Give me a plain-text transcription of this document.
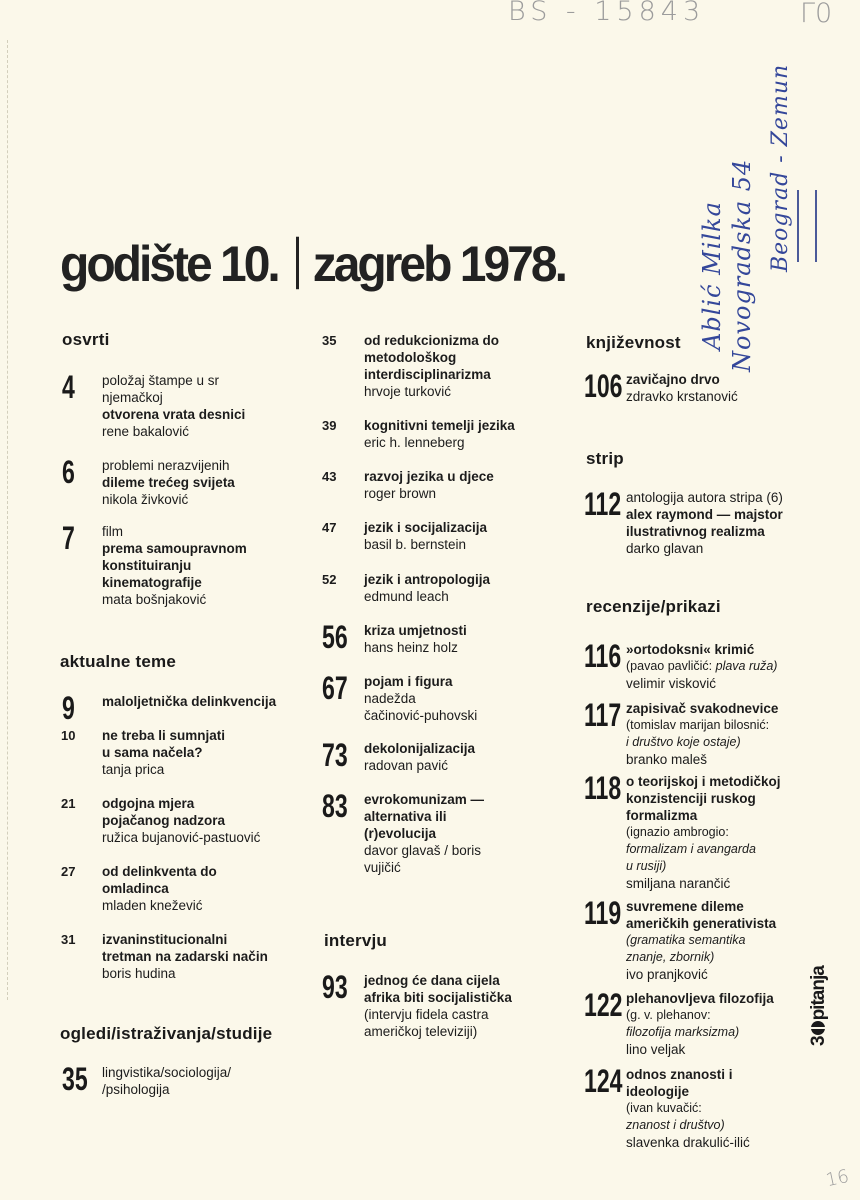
BS - 15843	Γ0
16
Ablić Milka Novogradska 54 Beograd - Zemun
godište 10. zagreb 1978.
osvrti
4 položaj štampe u sr
njemačkoj
otvorena vrata desnici
rene bakalović
6 problemi nerazvijenih
dileme trećeg svijeta
nikola živković
7 film
prema samoupravnom
konstituiranju
kinematografije
mata bošnjaković
aktualne teme
9 maloljetnička delinkvencija
10 ne treba li sumnjati
u sama načela?
tanja prica
21 odgojna mjera
pojačanog nadzora
ružica bujanović-pastuović
27 od delinkventa do
omladinca
mladen knežević
31 izvaninstitucionalni
tretman na zadarski način
boris hudina
ogledi/istraživanja/studije
35 lingvistika/sociologija/
/psihologija
35 od redukcionizma do
metodološkog
interdisciplinarizma
hrvoje turković
39 kognitivni temelji jezika
eric h. lenneberg
43 razvoj jezika u djece
roger brown
47 jezik i socijalizacija
basil b. bernstein
52 jezik i antropologija
edmund leach
56 kriza umjetnosti
hans heinz holz
67 pojam i figura
nadežda
čačinović-puhovski
73 dekolonijalizacija
radovan pavić
83 evrokomunizam —
alternativa ili
(r)evolucija
davor glavaš / boris
vujičić
intervju
93 jednog će dana cijela
afrika biti socijalistička
(intervju fidela castra
američkoj televiziji)
književnost
106 zavičajno drvo
zdravko krstanović
strip
112 antologija autora stripa (6)
alex raymond — majstor
ilustrativnog realizma
darko glavan
recenzije/prikazi
116 »ortodoksni« krimić
(pavao pavličić: plava ruža)
velimir visković
117 zapisivač svakodnevice
(tomislav marijan bilosnić:
i društvo koje ostaje)
branko maleš
118 o teorijskoj i metodičkoj
konzistenciji ruskog
formalizma
(ignazio ambrogio:
formalizam i avangarda
u rusiji)
smiljana narančić
119 suvremene dileme
američkih generativista
(gramatika semantika
znanje, zbornik)
ivo pranjković
122 plehanovljeva filozofija
(g. v. plehanov:
filozofija marksizma)
lino veljak
124 odnos znanosti i
ideologije
(ivan kuvačić:
znanost i društvo)
slavenka drakulić-ilić
3pitanja
